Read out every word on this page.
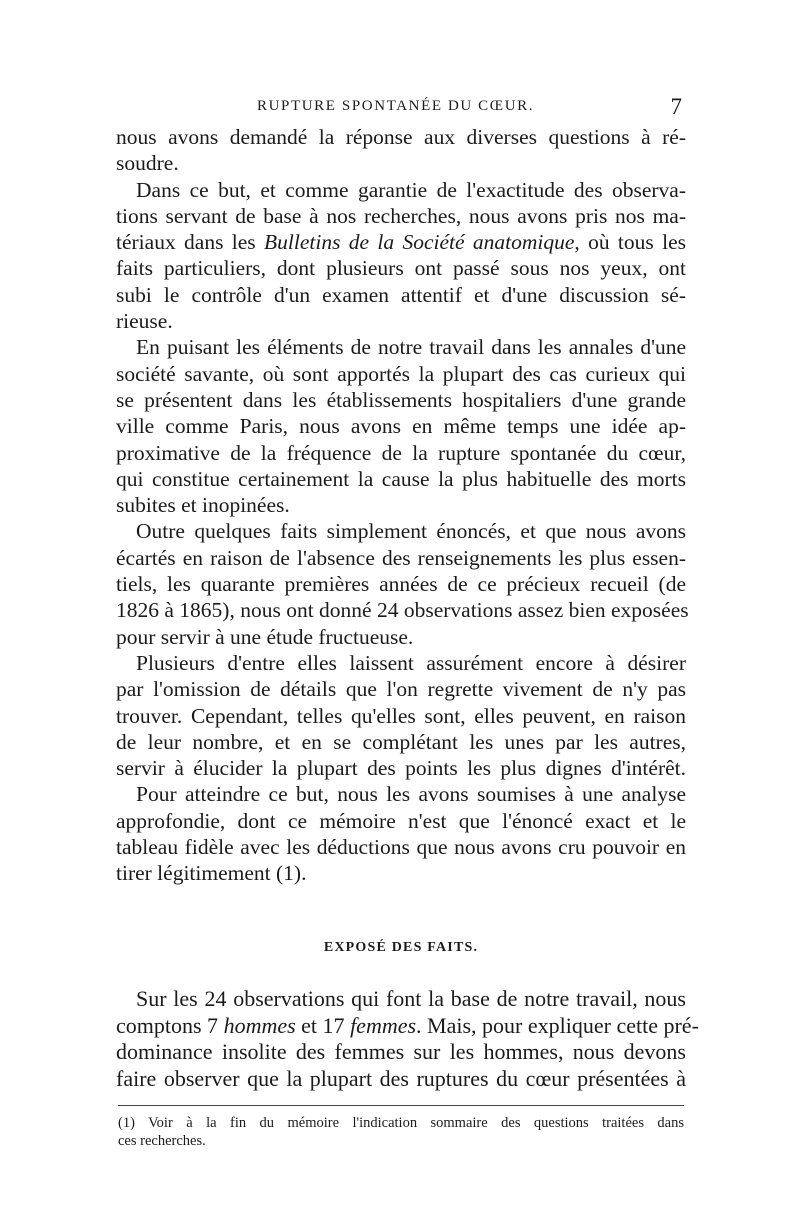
RUPTURE SPONTANÉE DU CŒUR.	7
nous avons demandé la réponse aux diverses questions à ré-
soudre.
Dans ce but, et comme garantie de l'exactitude des observa-
tions servant de base à nos recherches, nous avons pris nos ma-
tériaux dans les Bulletins de la Société anatomique, où tous les
faits particuliers, dont plusieurs ont passé sous nos yeux, ont
subi le contrôle d'un examen attentif et d'une discussion sé-
rieuse.
En puisant les éléments de notre travail dans les annales d'une
société savante, où sont apportés la plupart des cas curieux qui
se présentent dans les établissements hospitaliers d'une grande
ville comme Paris, nous avons en même temps une idée ap-
proximative de la fréquence de la rupture spontanée du cœur,
qui constitue certainement la cause la plus habituelle des morts
subites et inopinées.
Outre quelques faits simplement énoncés, et que nous avons
écartés en raison de l'absence des renseignements les plus essen-
tiels, les quarante premières années de ce précieux recueil (de
1826 à 1865), nous ont donné 24 observations assez bien exposées
pour servir à une étude fructueuse.
Plusieurs d'entre elles laissent assurément encore à désirer
par l'omission de détails que l'on regrette vivement de n'y pas
trouver. Cependant, telles qu'elles sont, elles peuvent, en raison
de leur nombre, et en se complétant les unes par les autres,
servir à élucider la plupart des points les plus dignes d'intérêt.
Pour atteindre ce but, nous les avons soumises à une analyse
approfondie, dont ce mémoire n'est que l'énoncé exact et le
tableau fidèle avec les déductions que nous avons cru pouvoir en
tirer légitimement (1).
EXPOSÉ DES FAITS.
Sur les 24 observations qui font la base de notre travail, nous
comptons 7 hommes et 17 femmes. Mais, pour expliquer cette pré-
dominance insolite des femmes sur les hommes, nous devons
faire observer que la plupart des ruptures du cœur présentées à
(1) Voir à la fin du mémoire l'indication sommaire des questions traitées dans
ces recherches.
